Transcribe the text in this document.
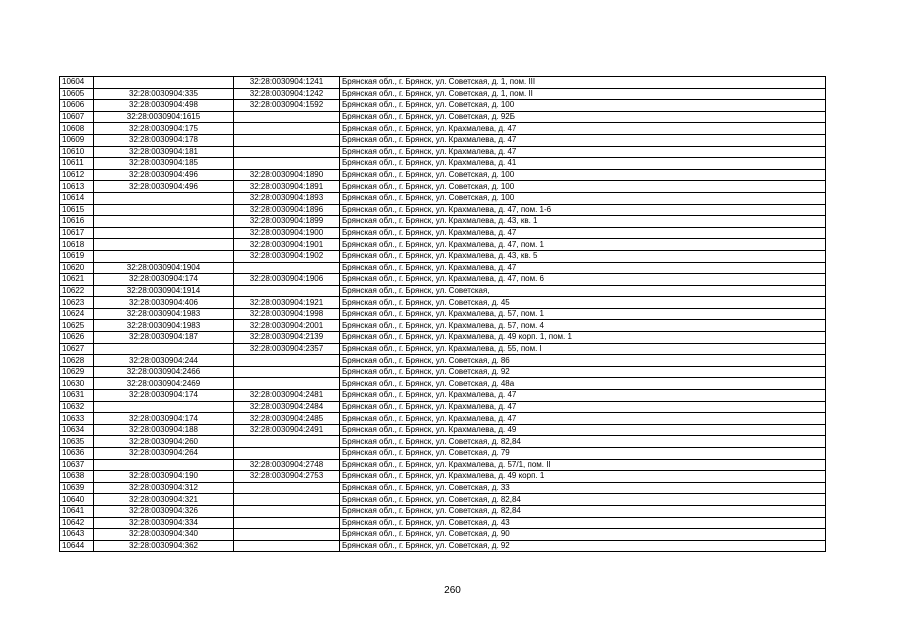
10604		32:28:0030904:1241	Брянская обл., г. Брянск, ул. Советская, д. 1, пом. III
10605	32:28:0030904:335	32:28:0030904:1242	Брянская обл., г. Брянск, ул. Советская, д. 1, пом. II
10606	32:28:0030904:498	32:28:0030904:1592	Брянская обл., г. Брянск, ул. Советская, д. 100
10607	32:28:0030904:1615		Брянская обл., г. Брянск, ул. Советская, д. 92Б
10608	32:28:0030904:175		Брянская обл., г. Брянск, ул. Крахмалева, д. 47
10609	32:28:0030904:178		Брянская обл., г. Брянск, ул. Крахмалева, д. 47
10610	32:28:0030904:181		Брянская обл., г. Брянск, ул. Крахмалева, д. 47
10611	32:28:0030904:185		Брянская обл., г. Брянск, ул. Крахмалева, д. 41
10612	32:28:0030904:496	32:28:0030904:1890	Брянская обл., г. Брянск, ул. Советская, д. 100
10613	32:28:0030904:496	32:28:0030904:1891	Брянская обл., г. Брянск, ул. Советская, д. 100
10614		32:28:0030904:1893	Брянская обл., г. Брянск, ул. Советская, д. 100
10615		32:28:0030904:1896	Брянская обл., г. Брянск, ул. Крахмалева, д. 47, пом. 1-6
10616		32:28:0030904:1899	Брянская обл., г. Брянск, ул. Крахмалева, д. 43, кв. 1
10617		32:28:0030904:1900	Брянская обл., г. Брянск, ул. Крахмалева, д. 47
10618		32:28:0030904:1901	Брянская обл., г. Брянск, ул. Крахмалева, д. 47, пом. 1
10619		32:28:0030904:1902	Брянская обл., г. Брянск, ул. Крахмалева, д. 43, кв. 5
10620	32:28:0030904:1904		Брянская обл., г. Брянск, ул. Крахмалева, д. 47
10621	32:28:0030904:174	32:28:0030904:1906	Брянская обл., г. Брянск, ул. Крахмалева, д. 47, пом. 6
10622	32:28:0030904:1914		Брянская обл., г. Брянск, ул. Советская,
10623	32:28:0030904:406	32:28:0030904:1921	Брянская обл., г. Брянск, ул. Советская, д. 45
10624	32:28:0030904:1983	32:28:0030904:1998	Брянская обл., г. Брянск, ул. Крахмалева, д. 57, пом. 1
10625	32:28:0030904:1983	32:28:0030904:2001	Брянская обл., г. Брянск, ул. Крахмалева, д. 57, пом. 4
10626	32:28:0030904:187	32:28:0030904:2139	Брянская обл., г. Брянск, ул. Крахмалева, д. 49 корп. 1, пом. 1
10627		32:28:0030904:2357	Брянская обл., г. Брянск, ул. Крахмалева, д. 55, пом. I
10628	32:28:0030904:244		Брянская обл., г. Брянск, ул. Советская, д. 86
10629	32:28:0030904:2466		Брянская обл., г. Брянск, ул. Советская, д. 92
10630	32:28:0030904:2469		Брянская обл., г. Брянск, ул. Советская, д. 48а
10631	32:28:0030904:174	32:28:0030904:2481	Брянская обл., г. Брянск, ул. Крахмалева, д. 47
10632		32:28:0030904:2484	Брянская обл., г. Брянск, ул. Крахмалева, д. 47
10633	32:28:0030904:174	32:28:0030904:2485	Брянская обл., г. Брянск, ул. Крахмалева, д. 47
10634	32:28:0030904:188	32:28:0030904:2491	Брянская обл., г. Брянск, ул. Крахмалева, д. 49
10635	32:28:0030904:260		Брянская обл., г. Брянск, ул. Советская, д. 82,84
10636	32:28:0030904:264		Брянская обл., г. Брянск, ул. Советская, д. 79
10637		32:28:0030904:2748	Брянская обл., г. Брянск, ул. Крахмалева, д. 57/1, пом. II
10638	32:28:0030904:190	32:28:0030904:2753	Брянская обл., г. Брянск, ул. Крахмалева, д. 49 корп. 1
10639	32:28:0030904:312		Брянская обл., г. Брянск, ул. Советская, д. 33
10640	32:28:0030904:321		Брянская обл., г. Брянск, ул. Советская, д. 82,84
10641	32:28:0030904:326		Брянская обл., г. Брянск, ул. Советская, д. 82,84
10642	32:28:0030904:334		Брянская обл., г. Брянск, ул. Советская, д. 43
10643	32:28:0030904:340		Брянская обл., г. Брянск, ул. Советская, д. 90
10644	32:28:0030904:362		Брянская обл., г. Брянск, ул. Советская, д. 92
260
